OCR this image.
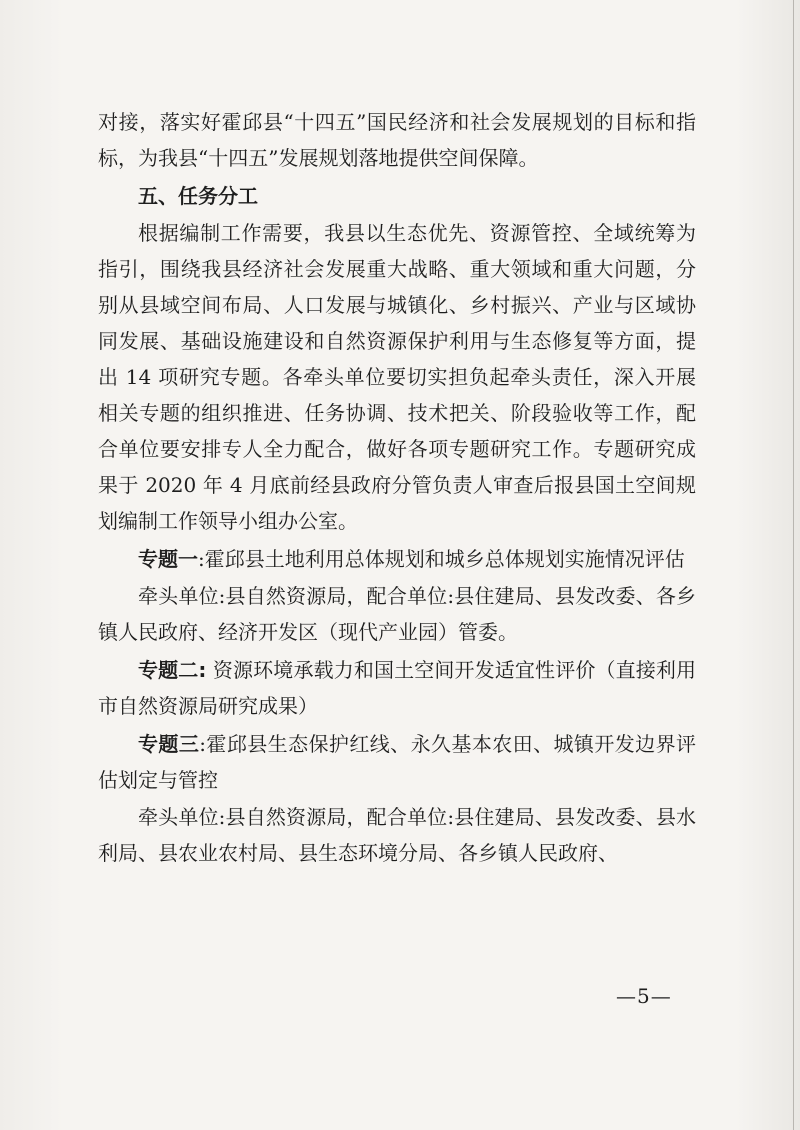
对接，落实好霍邱县“十四五”国民经济和社会发展规划的目标和指标，为我县“十四五”发展规划落地提供空间保障。

五、任务分工

根据编制工作需要，我县以生态优先、资源管控、全域统筹为指引，围绕我县经济社会发展重大战略、重大领域和重大问题，分别从县域空间布局、人口发展与城镇化、乡村振兴、产业与区域协同发展、基础设施建设和自然资源保护利用与生态修复等方面，提出 14 项研究专题。各牵头单位要切实担负起牵头责任，深入开展相关专题的组织推进、任务协调、技术把关、阶段验收等工作，配合单位要安排专人全力配合，做好各项专题研究工作。专题研究成果于 2020 年 4 月底前经县政府分管负责人审查后报县国土空间规划编制工作领导小组办公室。

专题一:霍邱县土地利用总体规划和城乡总体规划实施情况评估

牵头单位:县自然资源局，配合单位:县住建局、县发改委、各乡镇人民政府、经济开发区（现代产业园）管委。

专题二: 资源环境承载力和国土空间开发适宜性评价（直接利用市自然资源局研究成果）

专题三:霍邱县生态保护红线、永久基本农田、城镇开发边界评估划定与管控

牵头单位:县自然资源局，配合单位:县住建局、县发改委、县水利局、县农业农村局、县生态环境分局、各乡镇人民政府、

—5—
